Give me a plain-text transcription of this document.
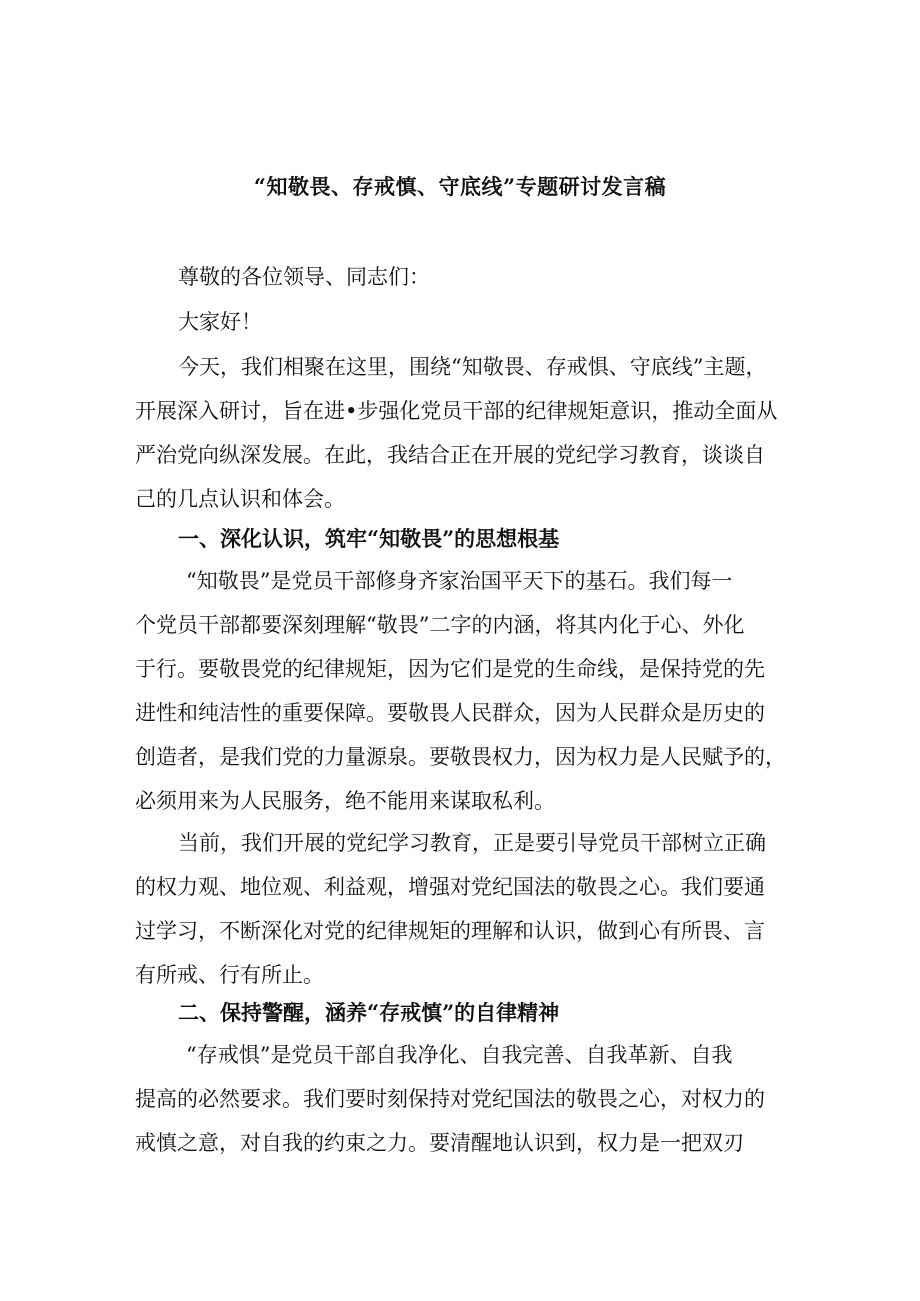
“知敬畏、存戒慎、守底线”专题研讨发言稿

尊敬的各位领导、同志们：

大家好！

今天，我们相聚在这里，围绕“知敬畏、存戒惧、守底线”主题，

开展深入研讨，旨在进•步强化党员干部的纪律规矩意识，推动全面从

严治党向纵深发展。在此，我结合正在开展的党纪学习教育，谈谈自

己的几点认识和体会。

一、深化认识，筑牢“知敬畏”的思想根基

“知敬畏”是党员干部修身齐家治国平天下的基石。我们每一

个党员干部都要深刻理解“敬畏”二字的内涵，将其内化于心、外化

于行。要敬畏党的纪律规矩，因为它们是党的生命线，是保持党的先

进性和纯洁性的重要保障。要敬畏人民群众，因为人民群众是历史的

创造者，是我们党的力量源泉。要敬畏权力，因为权力是人民赋予的，

必须用来为人民服务，绝不能用来谋取私利。

当前，我们开展的党纪学习教育，正是要引导党员干部树立正确

的权力观、地位观、利益观，增强对党纪国法的敬畏之心。我们要通

过学习，不断深化对党的纪律规矩的理解和认识，做到心有所畏、言

有所戒、行有所止。

二、保持警醒，涵养“存戒慎”的自律精神

“存戒惧”是党员干部自我净化、自我完善、自我革新、自我

提高的必然要求。我们要时刻保持对党纪国法的敬畏之心，对权力的

戒慎之意，对自我的约束之力。要清醒地认识到，权力是一把双刃
